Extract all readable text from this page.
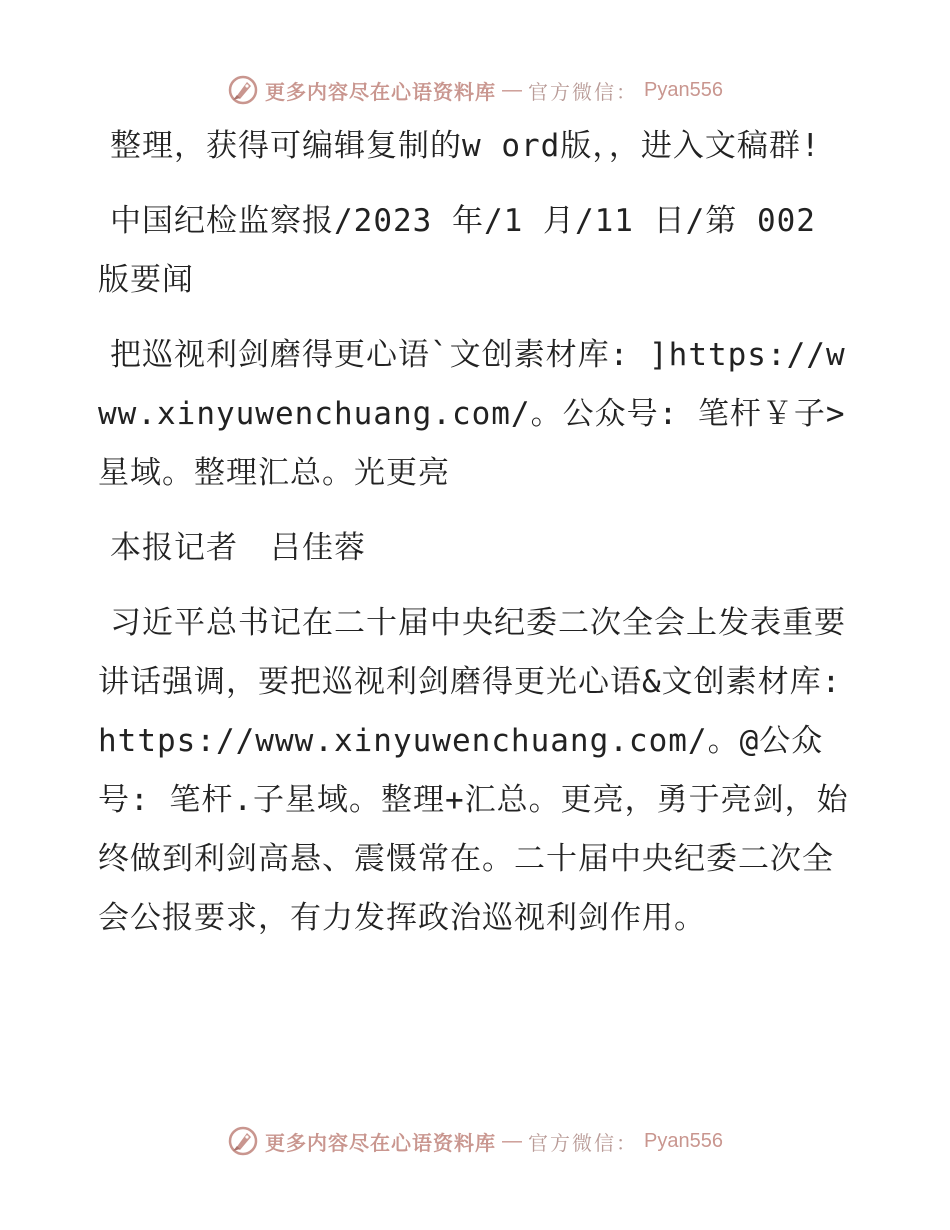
更多内容尽在心语资料库 — 官方微信： Pyan556

整理，获得可编辑复制的w ord版，，进入文稿群!

中国纪检监察报/2023 年/1 月/11 日/第 002 版要闻

把巡视利剑磨得更心语`文创素材库: ]https://www.xinyuwenchuang.com/。公众号: 笔杆￥子>星域。整理汇总。光更亮

本报记者　吕佳蓉

习近平总书记在二十届中央纪委二次全会上发表重要讲话强调，要把巡视利剑磨得更光心语&文创素材库: https://www.xinyuwenchuang.com/。@公众号: 笔杆.子星域。整理+汇总。更亮，勇于亮剑，始终做到利剑高悬、震慑常在。二十届中央纪委二次全会公报要求，有力发挥政治巡视利剑作用。

更多内容尽在心语资料库 — 官方微信： Pyan556
